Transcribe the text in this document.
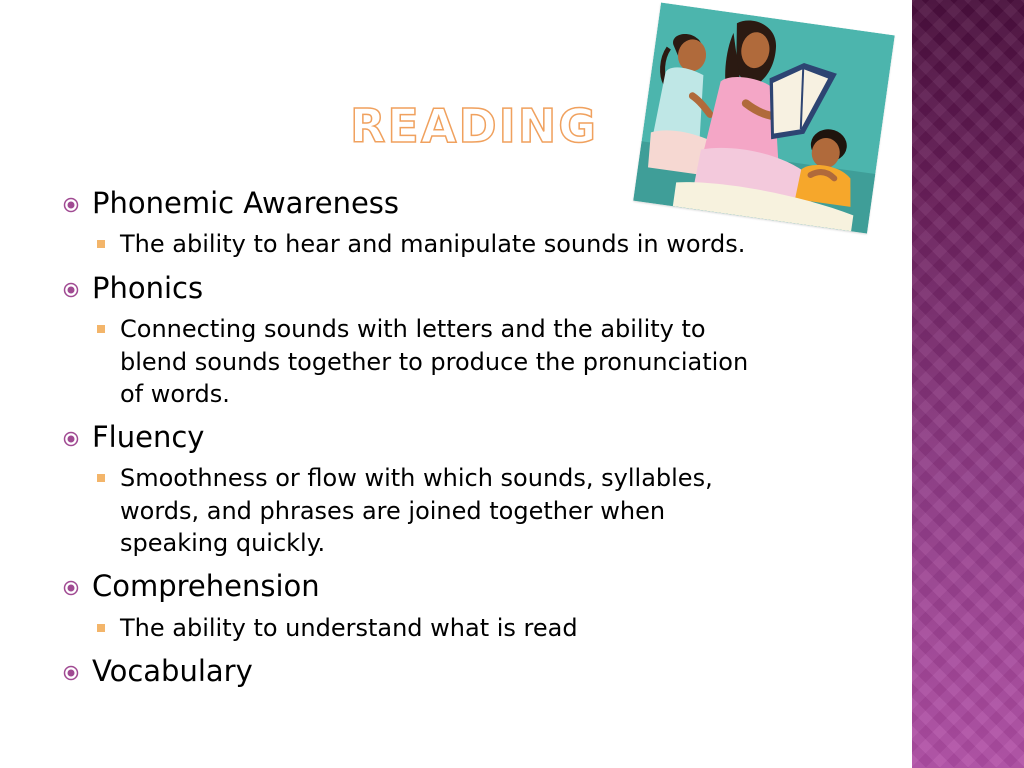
READING
Phonemic Awareness
The ability to hear and manipulate sounds in words.
Phonics
Connecting sounds with letters and the ability to
blend sounds together to produce the pronunciation
of words.
Fluency
Smoothness or flow with which sounds, syllables,
words, and phrases are joined together when
speaking quickly.
Comprehension
The ability to understand what is read
Vocabulary
